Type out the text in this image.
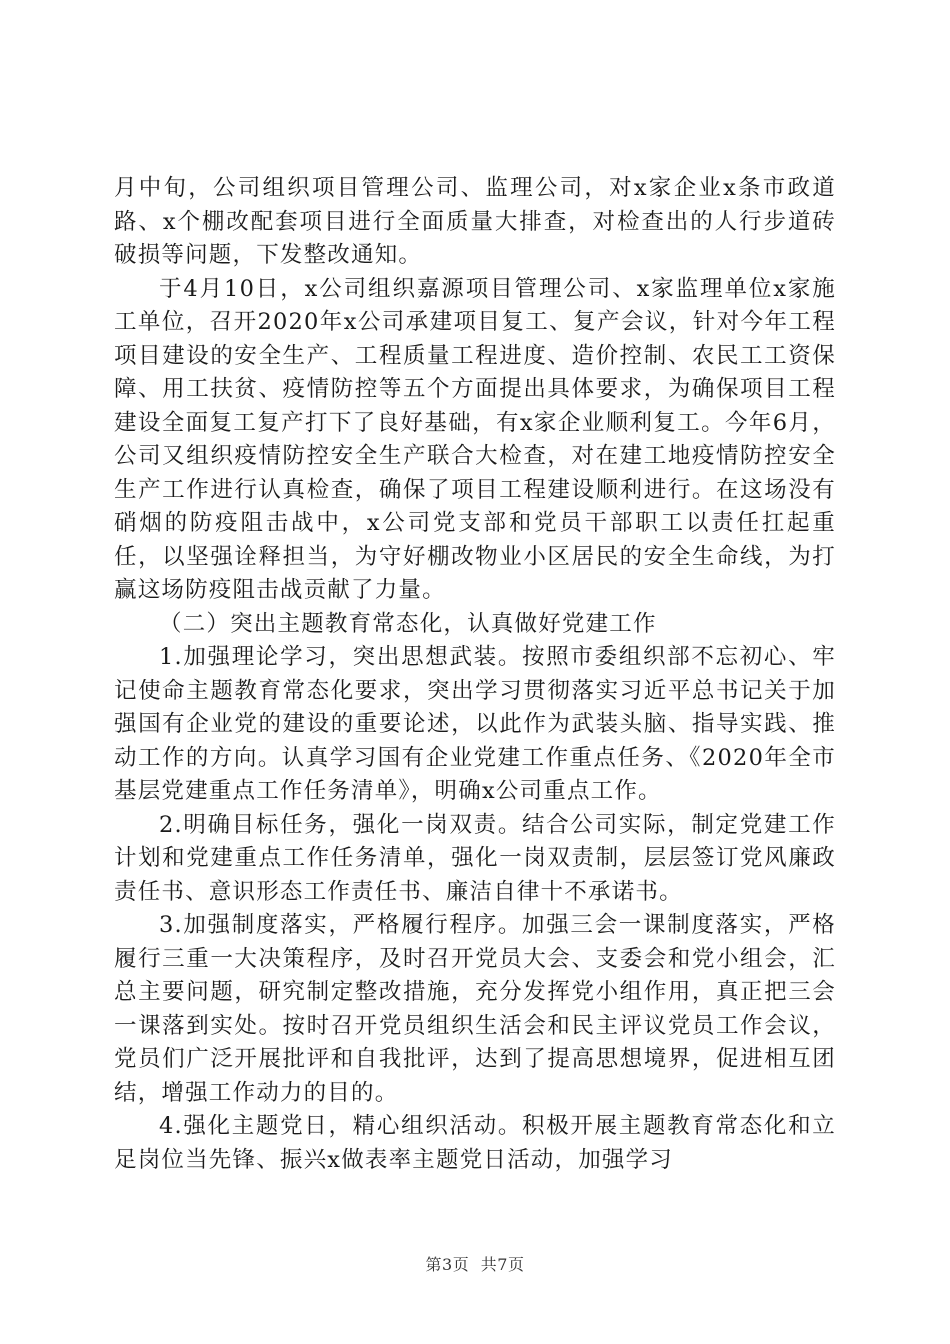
月中旬，公司组织项目管理公司、监理公司，对x家企业x条市政道路、x个棚改配套项目进行全面质量大排查，对检查出的人行步道砖破损等问题，下发整改通知。

于4月10日，x公司组织嘉源项目管理公司、x家监理单位x家施工单位，召开2020年x公司承建项目复工、复产会议，针对今年工程项目建设的安全生产、工程质量工程进度、造价控制、农民工工资保障、用工扶贫、疫情防控等五个方面提出具体要求，为确保项目工程建设全面复工复产打下了良好基础，有x家企业顺利复工。今年6月，公司又组织疫情防控安全生产联合大检查，对在建工地疫情防控安全生产工作进行认真检查，确保了项目工程建设顺利进行。在这场没有硝烟的防疫阻击战中，x公司党支部和党员干部职工以责任扛起重任，以坚强诠释担当，为守好棚改物业小区居民的安全生命线，为打赢这场防疫阻击战贡献了力量。

（二）突出主题教育常态化，认真做好党建工作

1.加强理论学习，突出思想武装。按照市委组织部不忘初心、牢记使命主题教育常态化要求，突出学习贯彻落实习近平总书记关于加强国有企业党的建设的重要论述，以此作为武装头脑、指导实践、推动工作的方向。认真学习国有企业党建工作重点任务、《2020年全市基层党建重点工作任务清单》，明确x公司重点工作。

2.明确目标任务，强化一岗双责。结合公司实际，制定党建工作计划和党建重点工作任务清单，强化一岗双责制，层层签订党风廉政责任书、意识形态工作责任书、廉洁自律十不承诺书。

3.加强制度落实，严格履行程序。加强三会一课制度落实，严格履行三重一大决策程序，及时召开党员大会、支委会和党小组会，汇总主要问题，研究制定整改措施，充分发挥党小组作用，真正把三会一课落到实处。按时召开党员组织生活会和民主评议党员工作会议，党员们广泛开展批评和自我批评，达到了提高思想境界，促进相互团结，增强工作动力的目的。

4.强化主题党日，精心组织活动。积极开展主题教育常态化和立足岗位当先锋、振兴x做表率主题党日活动，加强学习

第3页 共7页
